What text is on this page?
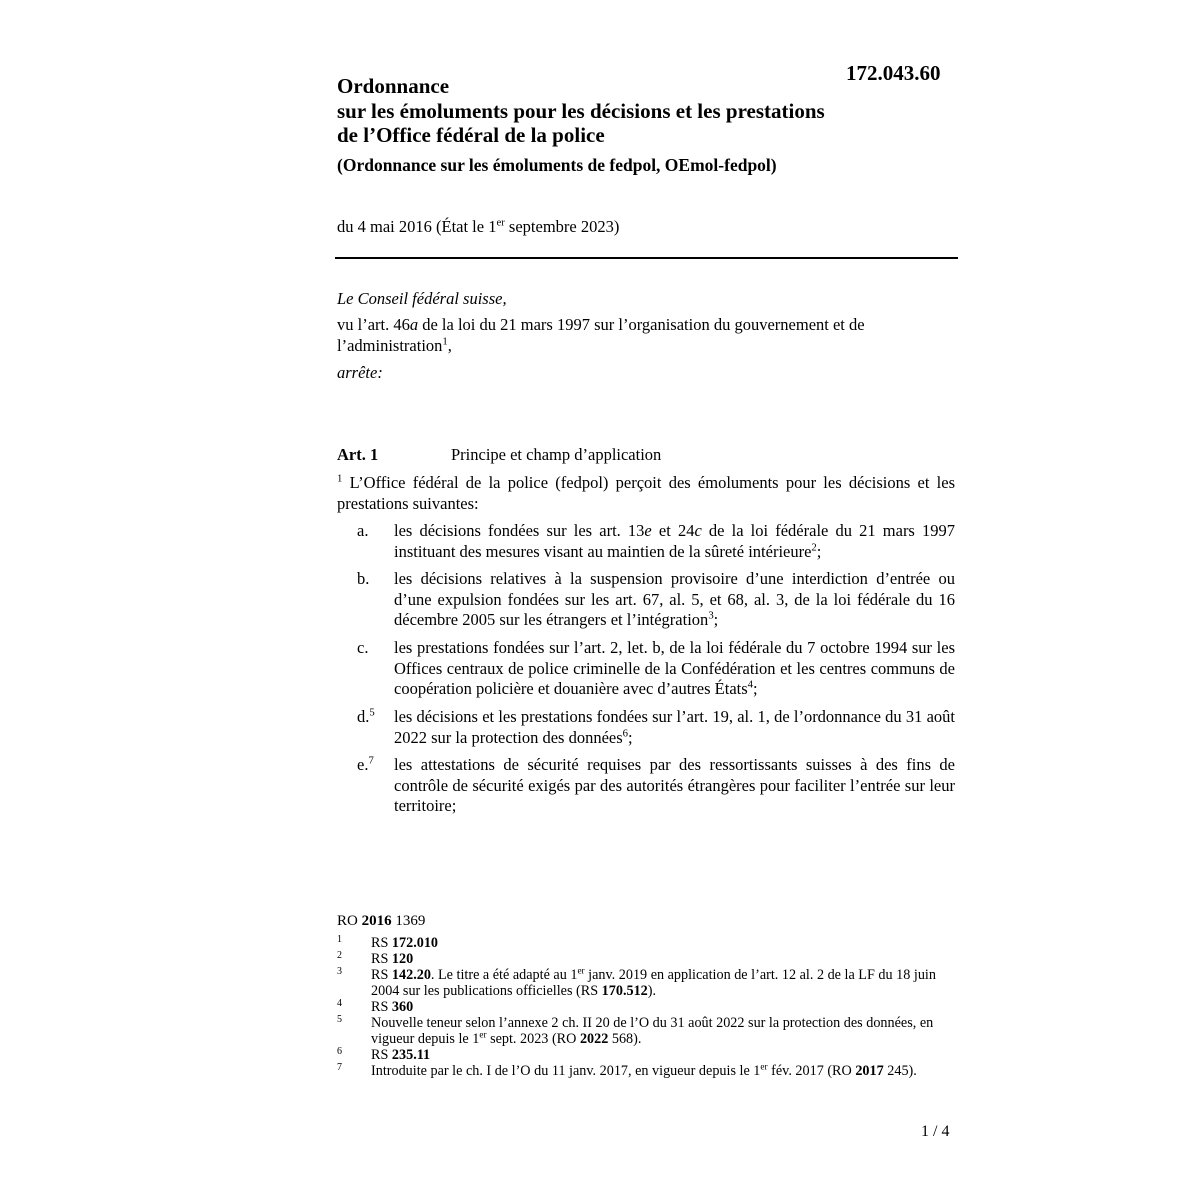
172.043.60
Ordonnance
sur les émoluments pour les décisions et les prestations
de l’Office fédéral de la police
(Ordonnance sur les émoluments de fedpol, OEmol-fedpol)
du 4 mai 2016 (État le 1er septembre 2023)
Le Conseil fédéral suisse,
vu l’art. 46a de la loi du 21 mars 1997 sur l’organisation du gouvernement et de l’administration$^1$,
arrête:
Art. 1	Principe et champ d’application
$^1$ L’Office fédéral de la police (fedpol) perçoit des émoluments pour les décisions et les prestations suivantes:
a. les décisions fondées sur les art. 13e et 24c de la loi fédérale du 21 mars 1997 instituant des mesures visant au maintien de la sûreté intérieure$^2$;
b. les décisions relatives à la suspension provisoire d’une interdiction d’entrée ou d’une expulsion fondées sur les art. 67, al. 5, et 68, al. 3, de la loi fédérale du 16 décembre 2005 sur les étrangers et l’intégration$^3$;
c. les prestations fondées sur l’art. 2, let. b, de la loi fédérale du 7 octobre 1994 sur les Offices centraux de police criminelle de la Confédération et les centres communs de coopération policière et douanière avec d’autres États$^4$;
d.$^5$ les décisions et les prestations fondées sur l’art. 19, al. 1, de l’ordonnance du 31 août 2022 sur la protection des données$^6$;
e.$^7$ les attestations de sécurité requises par des ressortissants suisses à des fins de contrôle de sécurité exigés par des autorités étrangères pour faciliter l’entrée sur leur territoire;
RO 2016 1369
1 RS 172.010
2 RS 120
3 RS 142.20. Le titre a été adapté au 1er janv. 2019 en application de l’art. 12 al. 2 de la LF du 18 juin 2004 sur les publications officielles (RS 170.512).
4 RS 360
5 Nouvelle teneur selon l’annexe 2 ch. II 20 de l’O du 31 août 2022 sur la protection des données, en vigueur depuis le 1er sept. 2023 (RO 2022 568).
6 RS 235.11
7 Introduite par le ch. I de l’O du 11 janv. 2017, en vigueur depuis le 1er fév. 2017 (RO 2017 245).
1 / 4
